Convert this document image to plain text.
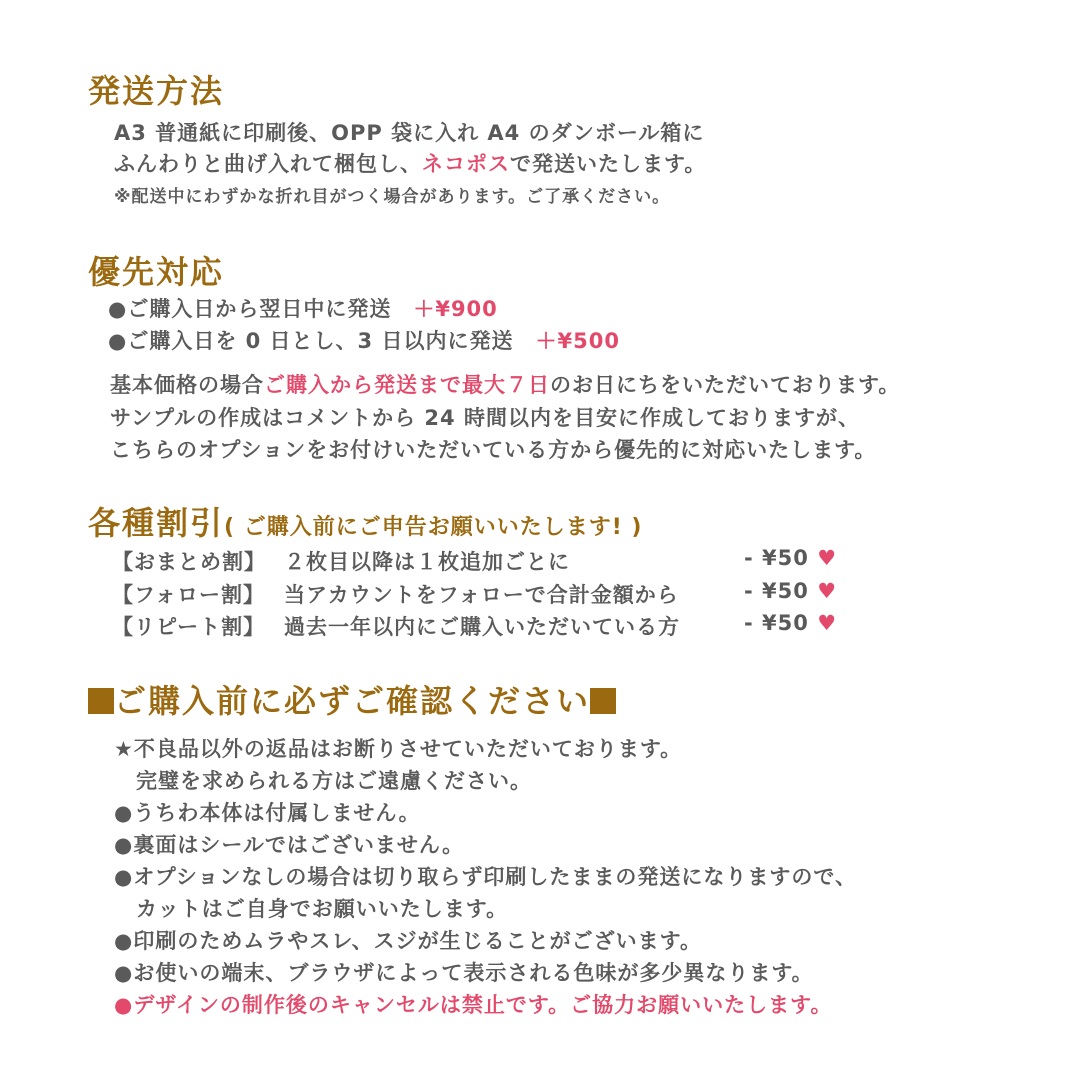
発送方法
A3 普通紙に印刷後、OPP 袋に入れ A4 のダンボール箱に
ふんわりと曲げ入れて梱包し、ネコポスで発送いたします。
※配送中にわずかな折れ目がつく場合があります。ご了承ください。
優先対応
●ご購入日から翌日中に発送 ＋¥900
●ご購入日を 0 日とし、3 日以内に発送 ＋¥500
基本価格の場合ご購入から発送まで最大７日のお日にちをいただいております。
サンプルの作成はコメントから 24 時間以内を目安に作成しておりますが、
こちらのオプションをお付けいただいている方から優先的に対応いたします。
各種割引( ご購入前にご申告お願いいたします! )
【おまとめ割】 ２枚目以降は１枚追加ごとに	- ¥50 ♥
【フォロー割】 当アカウントをフォローで合計金額から	- ¥50 ♥
【リピート割】 過去一年以内にご購入いただいている方	- ¥50 ♥
ご購入前に必ずご確認ください
★不良品以外の返品はお断りさせていただいております。
　完璧を求められる方はご遠慮ください。
●うちわ本体は付属しません。
●裏面はシールではございません。
●オプションなしの場合は切り取らず印刷したままの発送になりますので、
　カットはご自身でお願いいたします。
●印刷のためムラやスレ、スジが生じることがございます。
●お使いの端末、ブラウザによって表示される色味が多少異なります。
●デザインの制作後のキャンセルは禁止です。ご協力お願いいたします。
